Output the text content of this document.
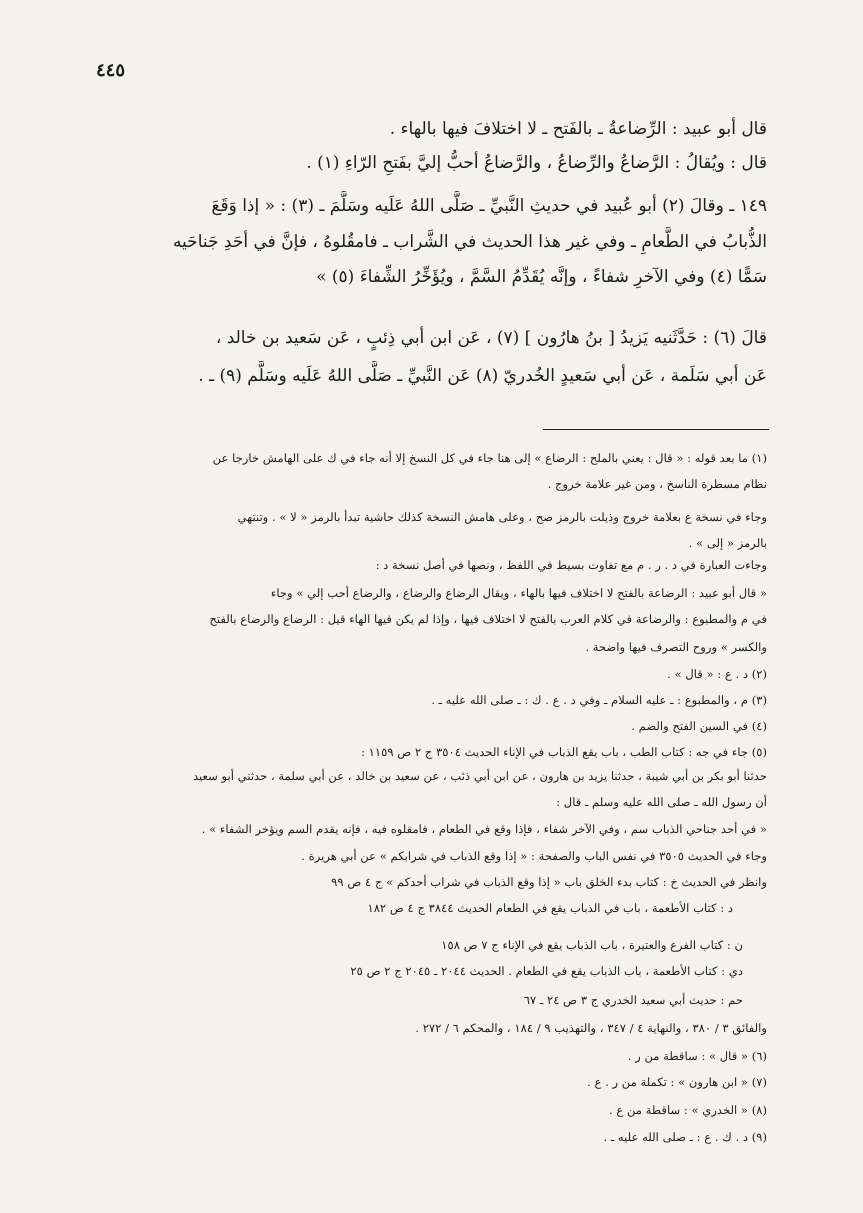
٤٤٥
قال أبو عبيد : الرِّضاعةُ ـ بالفَتح ـ لا اختلافَ فيها بالهاء .
قال : ويُقالُ : الرَّضاعُ والرِّضاعُ ، والرَّضاعُ أحبُّ إليَّ بفَتحِ الرّاءِ (١) .
١٤٩ ـ وقالَ (٢) أبو عُبيد في حديثِ النَّبيِّ ـ صَلَّى اللهُ عَلَيه وسَلَّمَ ـ (٣) : « إذا وَقَعَ
الذُّبابُ في الطَّعامِ ـ وفي غير هذا الحديث في الشَّراب ـ فامقُلوهُ ، فإنَّ في أحَدِ جَناحَيه
سَمًّا (٤) وفي الآخرِ شفاءً ، وإنَّه يُقَدِّمُ السَّمَّ ، ويُؤَخِّرُ الشِّفاءَ (٥) »
قالَ (٦) : حَدَّثَنيه يَزيدُ [ بنُ هارُون ] (٧) ، عَن ابن أبي ذِئبٍ ، عَن سَعيد بن خالد ،
عَن أبي سَلَمة ، عَن أبي سَعيدٍ الخُدريّ (٨) عَن النَّبيِّ ـ صَلَّى اللهُ عَلَيه وسَلَّم (٩) ـ .
(١) ما بعد قوله : « قال : يعني بالملح : الرضاع » إلى هنا جاء في كل النسخ إلا أنه جاء في ك على الهامش خارجا عن
نظام مسطرة الناسخ ، ومن غير علامة خروج .
وجاء في نسخة ع بعلامة خروج وذيلت بالرمز صح ، وعلى هامش النسخة كذلك حاشية تبدأ بالرمز « لا » . وتنتهي
بالرمز « إلى » .
وجاءت العبارة في د . ر . م مع تفاوت بسيط في اللفظ ، ونصها في أصل نسخة د :
« قال أبو عبيد : الرضاعة بالفتح لا اختلاف فيها بالهاء ، ويقال الرضاع والرضاع ، والرضاع أحب إلي » وجاء
في م والمطبوع : والرضاعة في كلام العرب بالفتح لا اختلاف فيها ، وإذا لم يكن فيها الهاء قيل : الرضاع والرضاع بالفتح
والكسر » وروح التصرف فيها واضحة .
(٢) د . ع : « قال » .
(٣) م ، والمطبوع : ـ عليه السلام ـ وفي د . ع . ك : ـ صلى الله عليه ـ .
(٤) في السين الفتح والضم .
(٥) جاء في جه : كتاب الطب ، باب يقع الذباب في الإناء الحديث ٣٥٠٤ ج ٢ ص ١١٥٩ :
حدثنا أبو بكر بن أبي شيبة ، حدثنا يزيد بن هارون ، عن ابن أبي ذئب ، عن سعيد بن خالد ، عن أبي سلمة ، حدثني أبو سعيد
أن رسول الله ـ صلى الله عليه وسلم ـ قال :
« في أحد جناحي الذباب سم ، وفي الآخر شفاء ، فإذا وقع في الطعام ، فامقلوه فيه ، فإنه يقدم السم ويؤخر الشفاء » .
وجاء في الحديث ٣٥٠٥ في نفس الباب والصفحة : « إذا وقع الذباب في شرابكم » عن أبي هريرة .
وانظر في الحديث خ : كتاب بدء الخلق باب « إذا وقع الذباب في شراب أحدكم » ج ٤ ص ٩٩
د : كتاب الأطعمة ، باب في الذباب يقع في الطعام الحديث ٣٨٤٤ ج ٤ ص ١٨٢
ن : كتاب الفرع والعتيرة ، باب الذباب يقع في الإناء ج ٧ ص ١٥٨
دي : كتاب الأطعمة ، باب الذباب يقع في الطعام . الحديث ٢٠٤٤ ـ ٢٠٤٥ ج ٢ ص ٢٥
حم : حديث أبي سعيد الخدري ج ٣ ص ٢٤ ـ ٦٧
والفائق ٣ / ٣٨٠ ، والنهاية ٤ / ٣٤٧ ، والتهذيب ٩ / ١٨٤ ، والمحكم ٦ / ٢٧٢ .
(٦) « قال » : ساقطة من ر .
(٧) « ابن هارون » : تكملة من ر . ع .
(٨) « الخدري » : ساقطة من ع .
(٩) د . ك . ع : ـ صلى الله عليه ـ .
